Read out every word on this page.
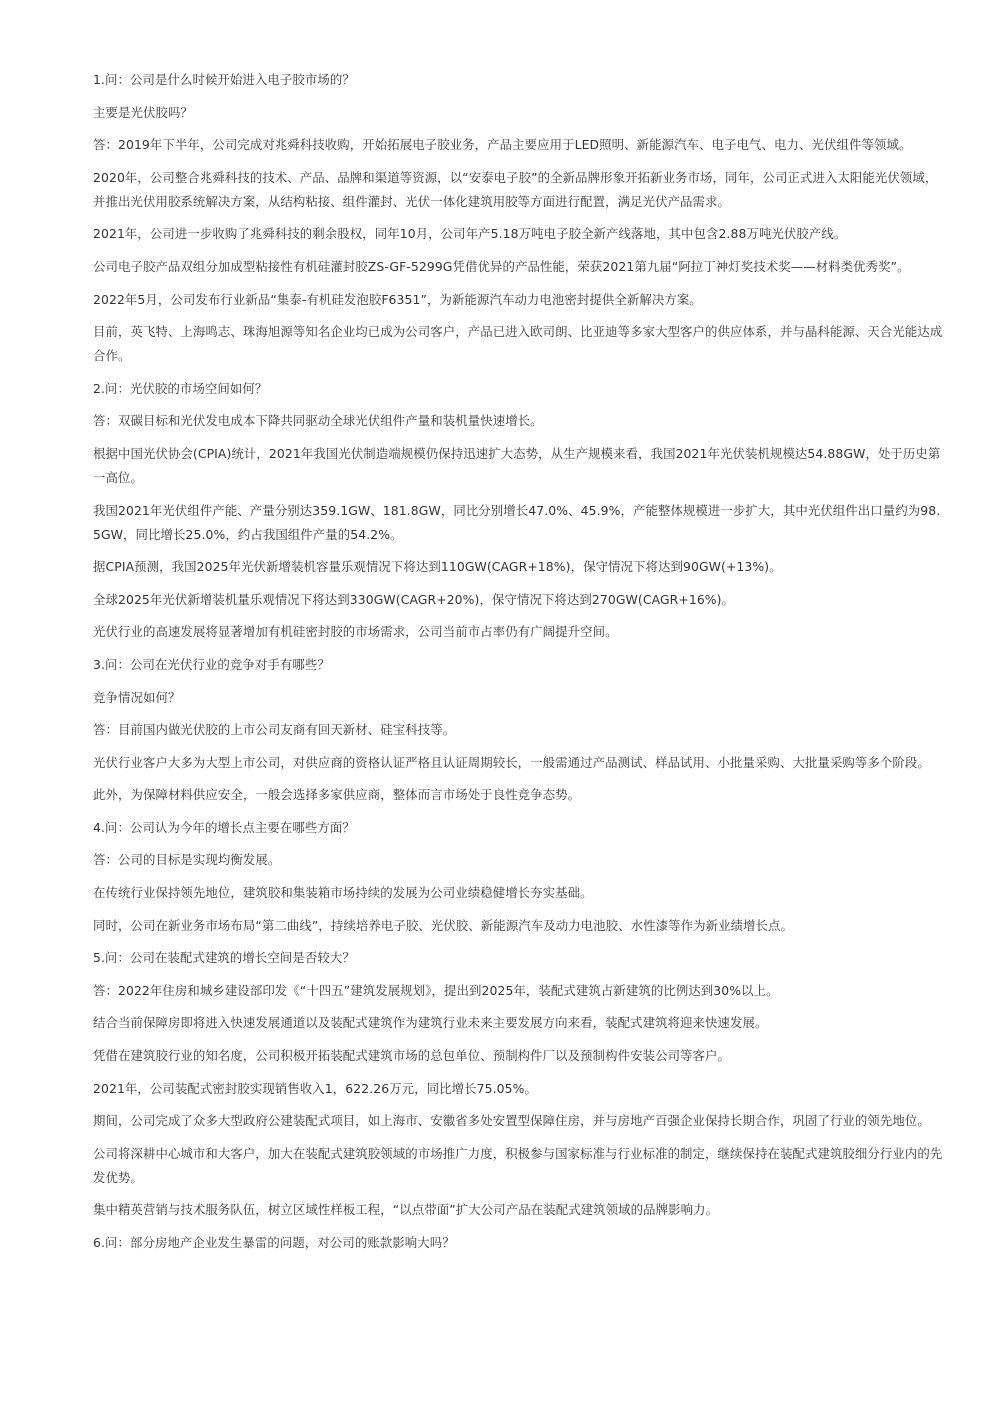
1.问：公司是什么时候开始进入电子胶市场的？

主要是光伏胶吗？

答：2019年下半年，公司完成对兆舜科技收购，开始拓展电子胶业务，产品主要应用于LED照明、新能源汽车、电子电气、电力、光伏组件等领域。

2020年，公司整合兆舜科技的技术、产品、品牌和渠道等资源，以“安泰电子胶”的全新品牌形象开拓新业务市场，同年，公司正式进入太阳能光伏领域，并推出光伏用胶系统解决方案，从结构粘接、组件灌封、光伏一体化建筑用胶等方面进行配置，满足光伏产品需求。

2021年，公司进一步收购了兆舜科技的剩余股权，同年10月，公司年产5.18万吨电子胶全新产线落地，其中包含2.88万吨光伏胶产线。

公司电子胶产品双组分加成型粘接性有机硅灌封胶ZS-GF-5299G凭借优异的产品性能，荣获2021第九届“阿拉丁神灯奖技术奖——材料类优秀奖”。

2022年5月，公司发布行业新品“集泰-有机硅发泡胶F6351”，为新能源汽车动力电池密封提供全新解决方案。

目前，英飞特、上海鸣志、珠海旭源等知名企业均已成为公司客户，产品已进入欧司朗、比亚迪等多家大型客户的供应体系，并与晶科能源、天合光能达成合作。

2.问：光伏胶的市场空间如何？

答：双碳目标和光伏发电成本下降共同驱动全球光伏组件产量和装机量快速增长。

根据中国光伏协会(CPIA)统计，2021年我国光伏制造端规模仍保持迅速扩大态势，从生产规模来看，我国2021年光伏装机规模达54.88GW，处于历史第一高位。

我国2021年光伏组件产能、产量分别达359.1GW、181.8GW，同比分别增长47.0%、45.9%，产能整体规模进一步扩大，其中光伏组件出口量约为98.5GW，同比增长25.0%，约占我国组件产量的54.2%。

据CPIA预测，我国2025年光伏新增装机容量乐观情况下将达到110GW(CAGR+18%)，保守情况下将达到90GW(+13%)。

全球2025年光伏新增装机量乐观情况下将达到330GW(CAGR+20%)，保守情况下将达到270GW(CAGR+16%)。

光伏行业的高速发展将显著增加有机硅密封胶的市场需求，公司当前市占率仍有广阔提升空间。

3.问：公司在光伏行业的竞争对手有哪些？

竞争情况如何？

答：目前国内做光伏胶的上市公司友商有回天新材、硅宝科技等。

光伏行业客户大多为大型上市公司，对供应商的资格认证严格且认证周期较长，一般需通过产品测试、样品试用、小批量采购、大批量采购等多个阶段。

此外，为保障材料供应安全，一般会选择多家供应商，整体而言市场处于良性竞争态势。

4.问：公司认为今年的增长点主要在哪些方面？

答：公司的目标是实现均衡发展。

在传统行业保持领先地位，建筑胶和集装箱市场持续的发展为公司业绩稳健增长夯实基础。

同时，公司在新业务市场布局“第二曲线”，持续培养电子胶、光伏胶、新能源汽车及动力电池胶、水性漆等作为新业绩增长点。

5.问：公司在装配式建筑的增长空间是否较大？

答：2022年住房和城乡建设部印发《“十四五”建筑发展规划》，提出到2025年，装配式建筑占新建筑的比例达到30%以上。

结合当前保障房即将进入快速发展通道以及装配式建筑作为建筑行业未来主要发展方向来看，装配式建筑将迎来快速发展。

凭借在建筑胶行业的知名度，公司积极开拓装配式建筑市场的总包单位、预制构件厂以及预制构件安装公司等客户。

2021年，公司装配式密封胶实现销售收入1，622.26万元，同比增长75.05%。

期间，公司完成了众多大型政府公建装配式项目，如上海市、安徽省多处安置型保障住房，并与房地产百强企业保持长期合作，巩固了行业的领先地位。

公司将深耕中心城市和大客户，加大在装配式建筑胶领域的市场推广力度，积极参与国家标准与行业标准的制定，继续保持在装配式建筑胶细分行业内的先发优势。

集中精英营销与技术服务队伍，树立区域性样板工程，“以点带面”扩大公司产品在装配式建筑领域的品牌影响力。

6.问：部分房地产企业发生暴雷的问题，对公司的账款影响大吗？
